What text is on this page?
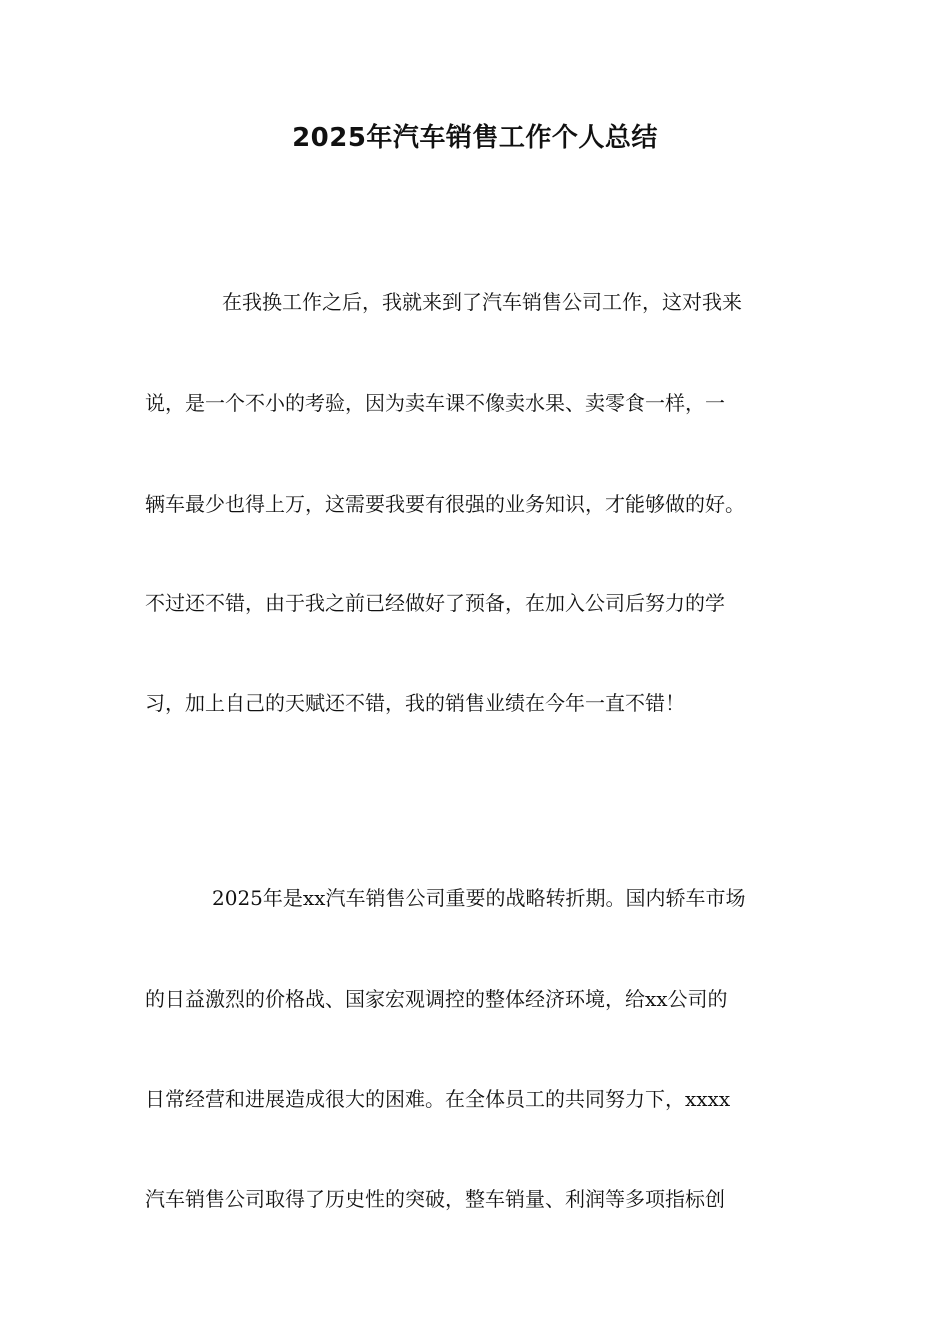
2025年汽车销售工作个人总结
在我换工作之后，我就来到了汽车销售公司工作，这对我来
说，是一个不小的考验，因为卖车课不像卖水果、卖零食一样，一
辆车最少也得上万，这需要我要有很强的业务知识，才能够做的好。
不过还不错，由于我之前已经做好了预备，在加入公司后努力的学
习，加上自己的天赋还不错，我的销售业绩在今年一直不错！
2025年是xx汽车销售公司重要的战略转折期。国内轿车市场
的日益激烈的价格战、国家宏观调控的整体经济环境，给xx公司的
日常经营和进展造成很大的困难。在全体员工的共同努力下，xxxx
汽车销售公司取得了历史性的突破，整车销量、利润等多项指标创
